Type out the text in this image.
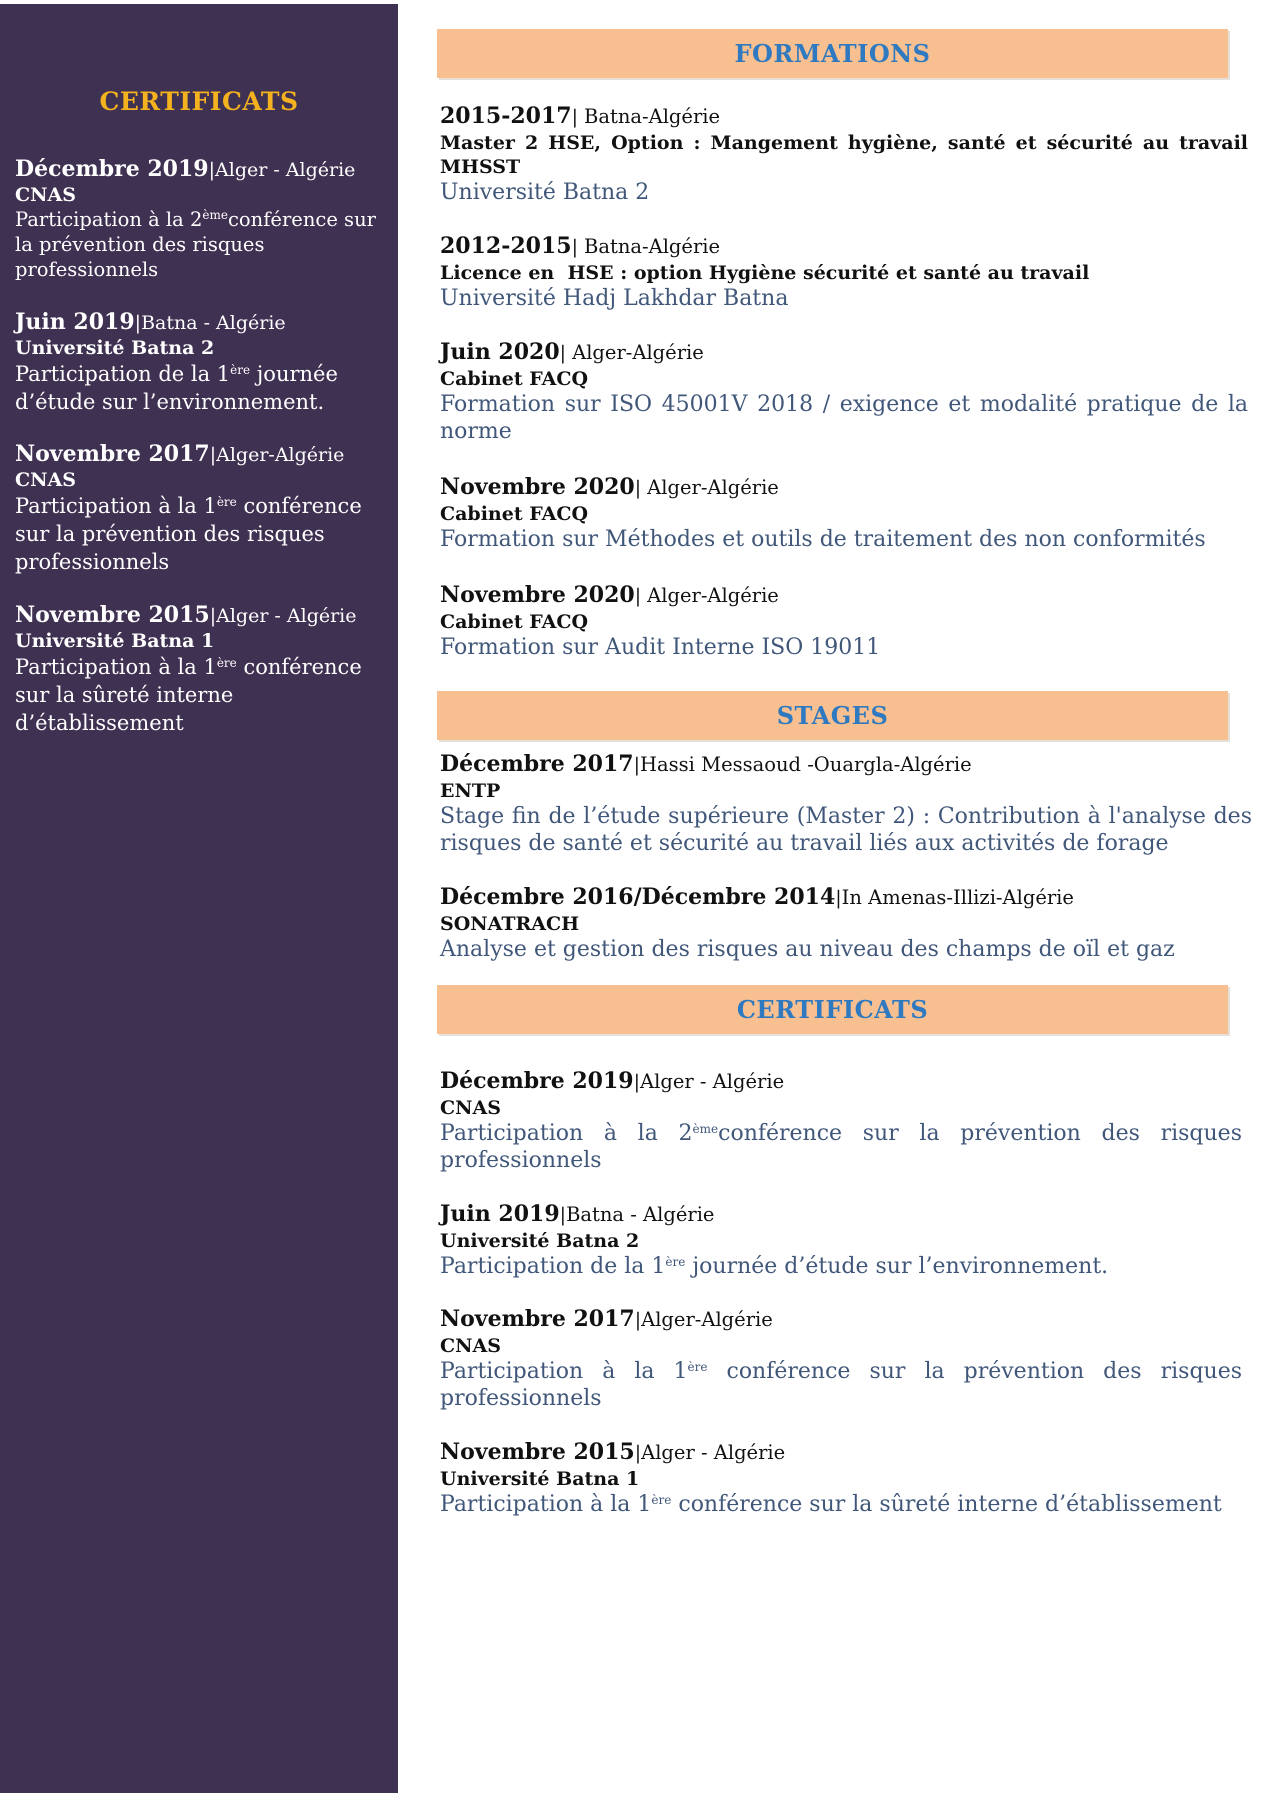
CERTIFICATS
Décembre 2019|Alger - Algérie
CNAS
Participation à la 2èmeconférence sur la prévention des risques professionnels
Juin 2019|Batna - Algérie
Université Batna 2
Participation de la 1ère journée d’étude sur l’environnement.
Novembre 2017|Alger-Algérie
CNAS
Participation à la 1ère conférence sur la prévention des risques professionnels
Novembre 2015|Alger - Algérie
Université Batna 1
Participation à la 1ère conférence sur la sûreté interne d’établissement
FORMATIONS
2015-2017| Batna-Algérie
Master 2 HSE, Option : Mangement hygiène, santé et sécurité au travail MHSST
Université Batna 2
2012-2015| Batna-Algérie
Licence en  HSE : option Hygiène sécurité et santé au travail
Université Hadj Lakhdar Batna
Juin 2020| Alger-Algérie
Cabinet FACQ
Formation sur ISO 45001V 2018 / exigence et modalité pratique de la norme
Novembre 2020| Alger-Algérie
Cabinet FACQ
Formation sur Méthodes et outils de traitement des non conformités
Novembre 2020| Alger-Algérie
Cabinet FACQ
Formation sur Audit Interne ISO 19011
STAGES
Décembre 2017|Hassi Messaoud -Ouargla-Algérie
ENTP
Stage fin de l’étude supérieure (Master 2) : Contribution à l'analyse des risques de santé et sécurité au travail liés aux activités de forage
Décembre 2016/Décembre 2014|In Amenas-Illizi-Algérie
SONATRACH
Analyse et gestion des risques au niveau des champs de oïl et gaz
CERTIFICATS
Décembre 2019|Alger - Algérie
CNAS
Participation à la 2èmeconférence sur la prévention des risques professionnels
Juin 2019|Batna - Algérie
Université Batna 2
Participation de la 1ère journée d’étude sur l’environnement.
Novembre 2017|Alger-Algérie
CNAS
Participation à la 1ère conférence sur la prévention des risques professionnels
Novembre 2015|Alger - Algérie
Université Batna 1
Participation à la 1ère conférence sur la sûreté interne d’établissement
